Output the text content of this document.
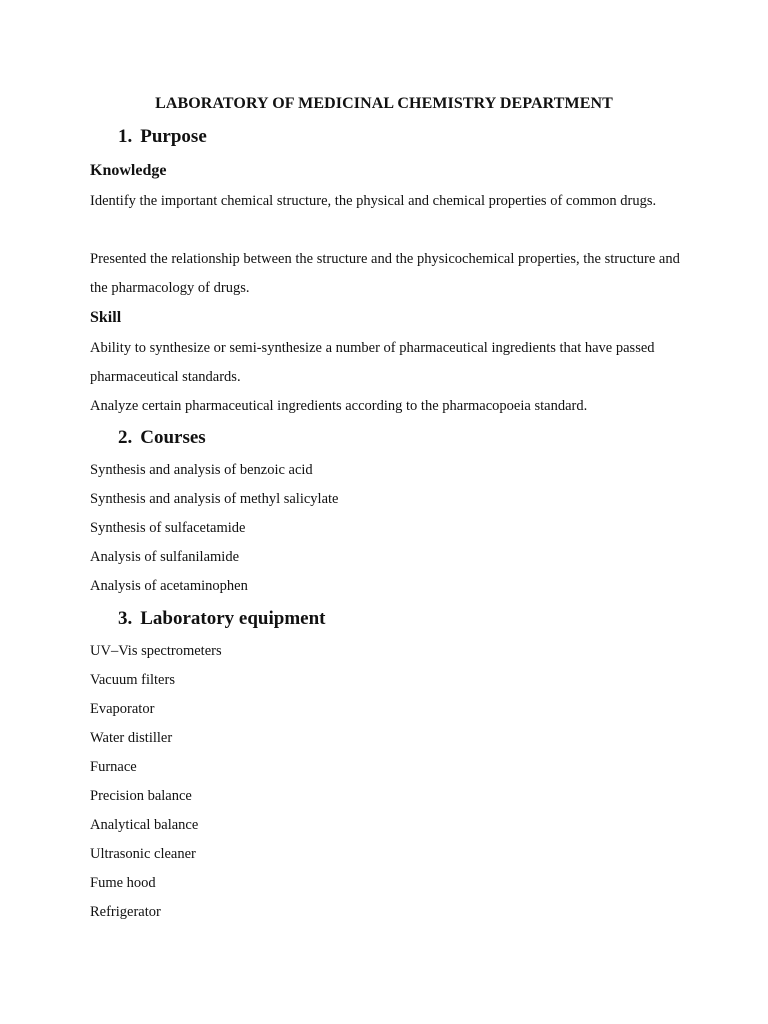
LABORATORY OF MEDICINAL CHEMISTRY DEPARTMENT
1. Purpose
Knowledge

Identify the important chemical structure, the physical and chemical properties of common drugs.

Presented the relationship between the structure and the physicochemical properties, the structure and the pharmacology of drugs.

Skill

Ability to synthesize or semi-synthesize a number of pharmaceutical ingredients that have passed pharmaceutical standards.

Analyze certain pharmaceutical ingredients according to the pharmacopoeia standard.

2. Courses
Synthesis and analysis of benzoic acid
Synthesis and analysis of methyl salicylate
Synthesis of sulfacetamide
Analysis of sulfanilamide
Analysis of acetaminophen
3. Laboratory equipment
UV–Vis spectrometers
Vacuum filters
Evaporator
Water distiller
Furnace
Precision balance
Analytical balance
Ultrasonic cleaner
Fume hood
Refrigerator
